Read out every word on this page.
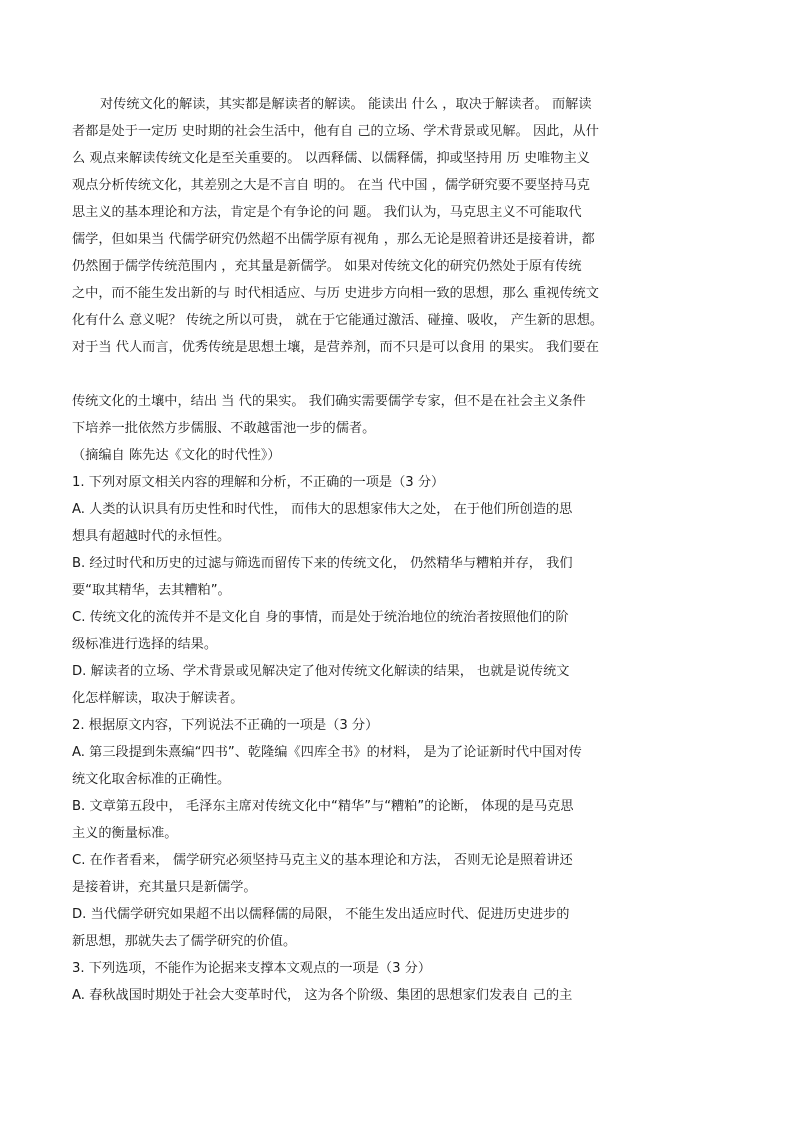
对传统文化的解读，其实都是解读者的解读。 能读出 什么 ，取决于解读者。 而解读
者都是处于一定历 史时期的社会生活中，他有自 己的立场、学术背景或见解。 因此，从什
么 观点来解读传统文化是至关重要的。 以西释儒、以儒释儒，抑或坚持用 历 史唯物主义
观点分析传统文化，其差别之大是不言自 明的。 在当 代中国 ，儒学研究要不要坚持马克
思主义的基本理论和方法，肯定是个有争论的问 题。 我们认为，马克思主义不可能取代
儒学，但如果当 代儒学研究仍然超不出儒学原有视角 ，那么无论是照着讲还是接着讲，都
仍然囿于儒学传统范围内 ，充其量是新儒学。 如果对传统文化的研究仍然处于原有传统
之中，而不能生发出新的与 时代相适应、与历 史进步方向相一致的思想，那么 重视传统文
化有什么 意义呢？ 传统之所以可贵， 就在于它能通过激活、碰撞、吸收， 产生新的思想。
对于当 代人而言，优秀传统是思想土壤，是营养剂，而不只是可以食用 的果实。 我们要在
传统文化的土壤中，结出 当 代的果实。 我们确实需要儒学专家，但不是在社会主义条件
下培养一批依然方步儒服、不敢越雷池一步的儒者。
（摘编自 陈先达《文化的时代性》）
1. 下列对原文相关内容的理解和分析，不正确的一项是（3 分）
A. 人类的认识具有历史性和时代性， 而伟大的思想家伟大之处， 在于他们所创造的思
想具有超越时代的永恒性。
B. 经过时代和历史的过滤与筛选而留传下来的传统文化， 仍然精华与糟粕并存， 我们
要“取其精华，去其糟粕”。
C. 传统文化的流传并不是文化自 身的事情，而是处于统治地位的统治者按照他们的阶
级标准进行选择的结果。
D. 解读者的立场、学术背景或见解决定了他对传统文化解读的结果， 也就是说传统文
化怎样解读，取决于解读者。
2. 根据原文内容，下列说法不正确的一项是（3 分）
A. 第三段提到朱熹编“四书”、乾隆编《四库全书》的材料， 是为了论证新时代中国对传
统文化取舍标准的正确性。
B. 文章第五段中， 毛泽东主席对传统文化中“精华”与“糟粕”的论断， 体现的是马克思
主义的衡量标准。
C. 在作者看来， 儒学研究必须坚持马克主义的基本理论和方法， 否则无论是照着讲还
是接着讲，充其量只是新儒学。
D. 当代儒学研究如果超不出以儒释儒的局限， 不能生发出适应时代、促进历史进步的
新思想，那就失去了儒学研究的价值。
3. 下列选项，不能作为论据来支撑本文观点的一项是（3 分）
A. 春秋战国时期处于社会大变革时代， 这为各个阶级、集团的思想家们发表自 己的主
